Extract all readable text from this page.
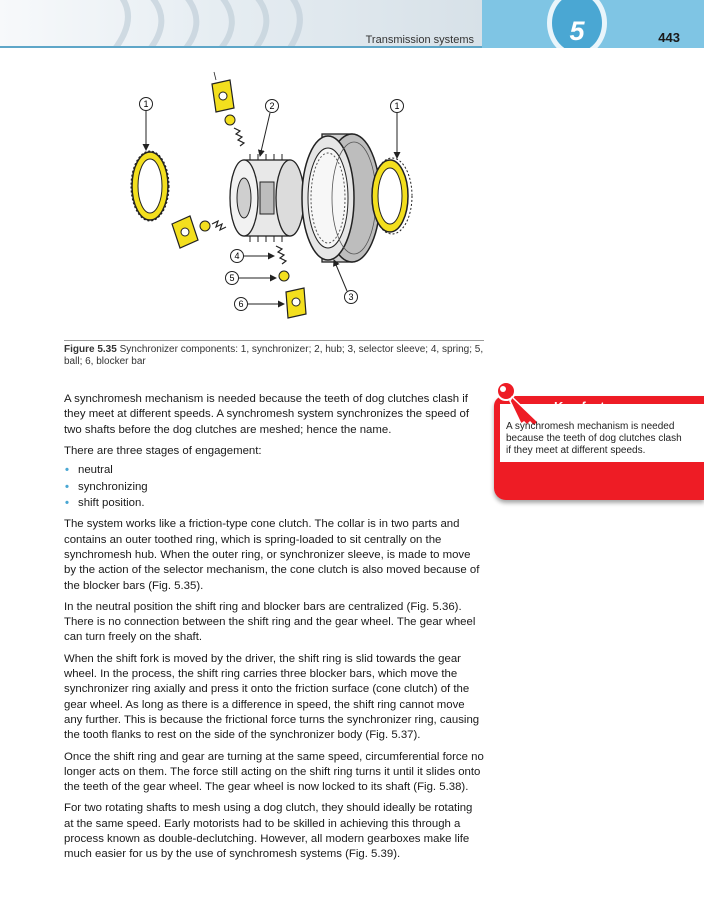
Transmission systems	5	443
1	2	1
4
5
6
3

Figure 5.35 Synchronizer components: 1, synchronizer; 2, hub; 3, selector sleeve; 4, spring; 5, ball; 6, blocker bar

A synchromesh mechanism is needed because the teeth of dog clutches clash if they meet at different speeds. A synchromesh system synchronizes the speed of two shafts before the dog clutches are meshed; hence the name.

There are three stages of engagement:

• neutral
• synchronizing
• shift position.

The system works like a friction-type cone clutch. The collar is in two parts and contains an outer toothed ring, which is spring-loaded to sit centrally on the synchromesh hub. When the outer ring, or synchronizer sleeve, is made to move by the action of the selector mechanism, the cone clutch is also moved because of the blocker bars (Fig. 5.35).

In the neutral position the shift ring and blocker bars are centralized (Fig. 5.36). There is no connection between the shift ring and the gear wheel. The gear wheel can turn freely on the shaft.

When the shift fork is moved by the driver, the shift ring is slid towards the gear wheel. In the process, the shift ring carries three blocker bars, which move the synchronizer ring axially and press it onto the friction surface (cone clutch) of the gear wheel. As long as there is a difference in speed, the shift ring cannot move any further. This is because the frictional force turns the synchronizer ring, causing the tooth flanks to rest on the side of the synchronizer body (Fig. 5.37).

Once the shift ring and gear are turning at the same speed, circumferential force no longer acts on them. The force still acting on the shift ring turns it until it slides onto the teeth of the gear wheel. The gear wheel is now locked to its shaft (Fig. 5.38).

For two rotating shafts to mesh using a dog clutch, they should ideally be rotating at the same speed. Early motorists had to be skilled in achieving this through a process known as double-declutching. However, all modern gearboxes make life much easier for us by the use of synchromesh systems (Fig. 5.39).

Key fact

A synchromesh mechanism is needed because the teeth of dog clutches clash if they meet at different speeds.
